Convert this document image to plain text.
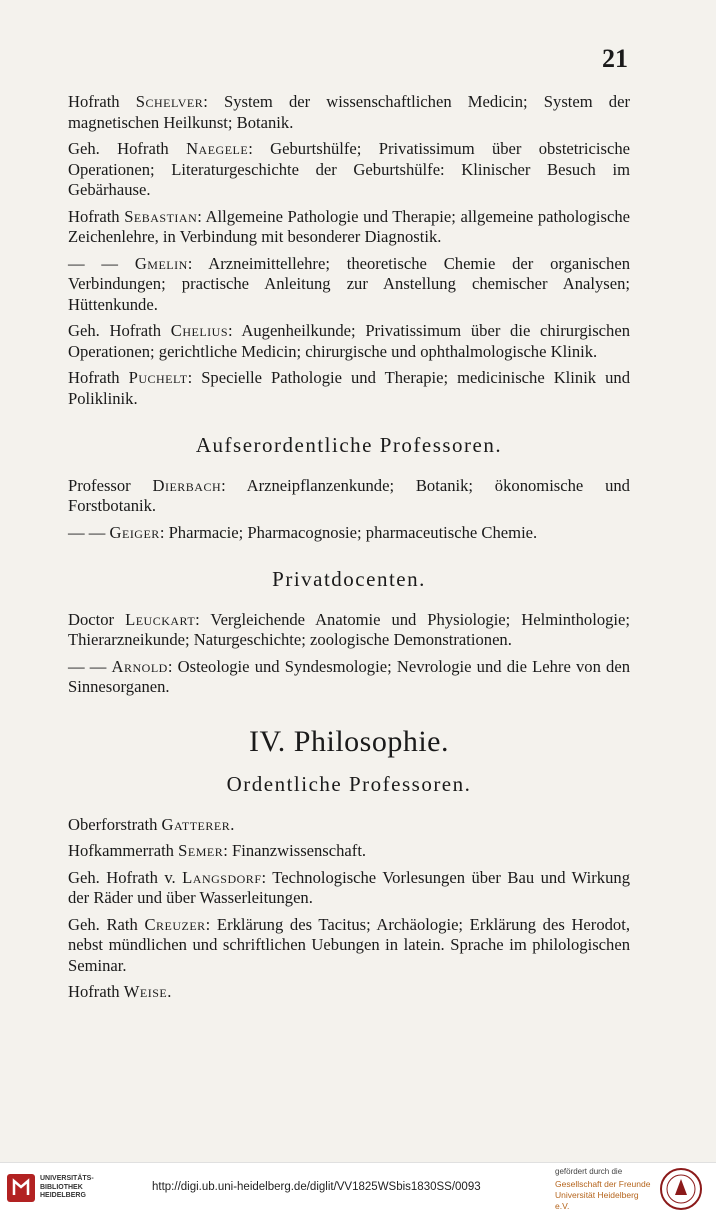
21
Hofrath Schelver: System der wissenschaftlichen Medicin; System der magnetischen Heilkunst; Botanik.
Geh. Hofrath Naegele: Geburtshülfe; Privatissimum über obstetricische Operationen; Literaturgeschichte der Geburtshülfe: Klinischer Besuch im Gebärhause.
Hofrath Sebastian: Allgemeine Pathologie und Therapie; allgemeine pathologische Zeichenlehre, in Verbindung mit besonderer Diagnostik.
— — Gmelin: Arzneimittellehre; theoretische Chemie der organischen Verbindungen; practische Anleitung zur Anstellung chemischer Analysen; Hüttenkunde.
Geh. Hofrath Chelius: Augenheilkunde; Privatissimum über die chirurgischen Operationen; gerichtliche Medicin; chirurgische und ophthalmologische Klinik.
Hofrath Puchelt: Specielle Pathologie und Therapie; medicinische Klinik und Poliklinik.
Aufserordentliche Professoren.
Professor Dierbach: Arzneipflanzenkunde; Botanik; ökonomische und Forstbotanik.
— — Geiger: Pharmacie; Pharmacognosie; pharmaceutische Chemie.
Privatdocenten.
Doctor Leuckart: Vergleichende Anatomie und Physiologie; Helminthologie; Thierarzneikunde; Naturgeschichte; zoologische Demonstrationen.
— — Arnold: Osteologie und Syndesmologie; Nevrologie und die Lehre von den Sinnesorganen.
IV. Philosophie.
Ordentliche Professoren.
Oberforstrath Gatterer.
Hofkammerrath Semer: Finanzwissenschaft.
Geh. Hofrath v. Langsdorf: Technologische Vorlesungen über Bau und Wirkung der Räder und über Wasserleitungen.
Geh. Rath Creuzer: Erklärung des Tacitus; Archäologie; Erklärung des Herodot, nebst mündlichen und schriftlichen Uebungen in latein. Sprache im philologischen Seminar.
Hofrath Weise.
UNIVERSITÄTS-BIBLIOTHEK HEIDELBERG
http://digi.ub.uni-heidelberg.de/diglit/VV1825WSbis1830SS/0093
gefördert durch die
Gesellschaft der Freunde Universität Heidelberg e.V.
